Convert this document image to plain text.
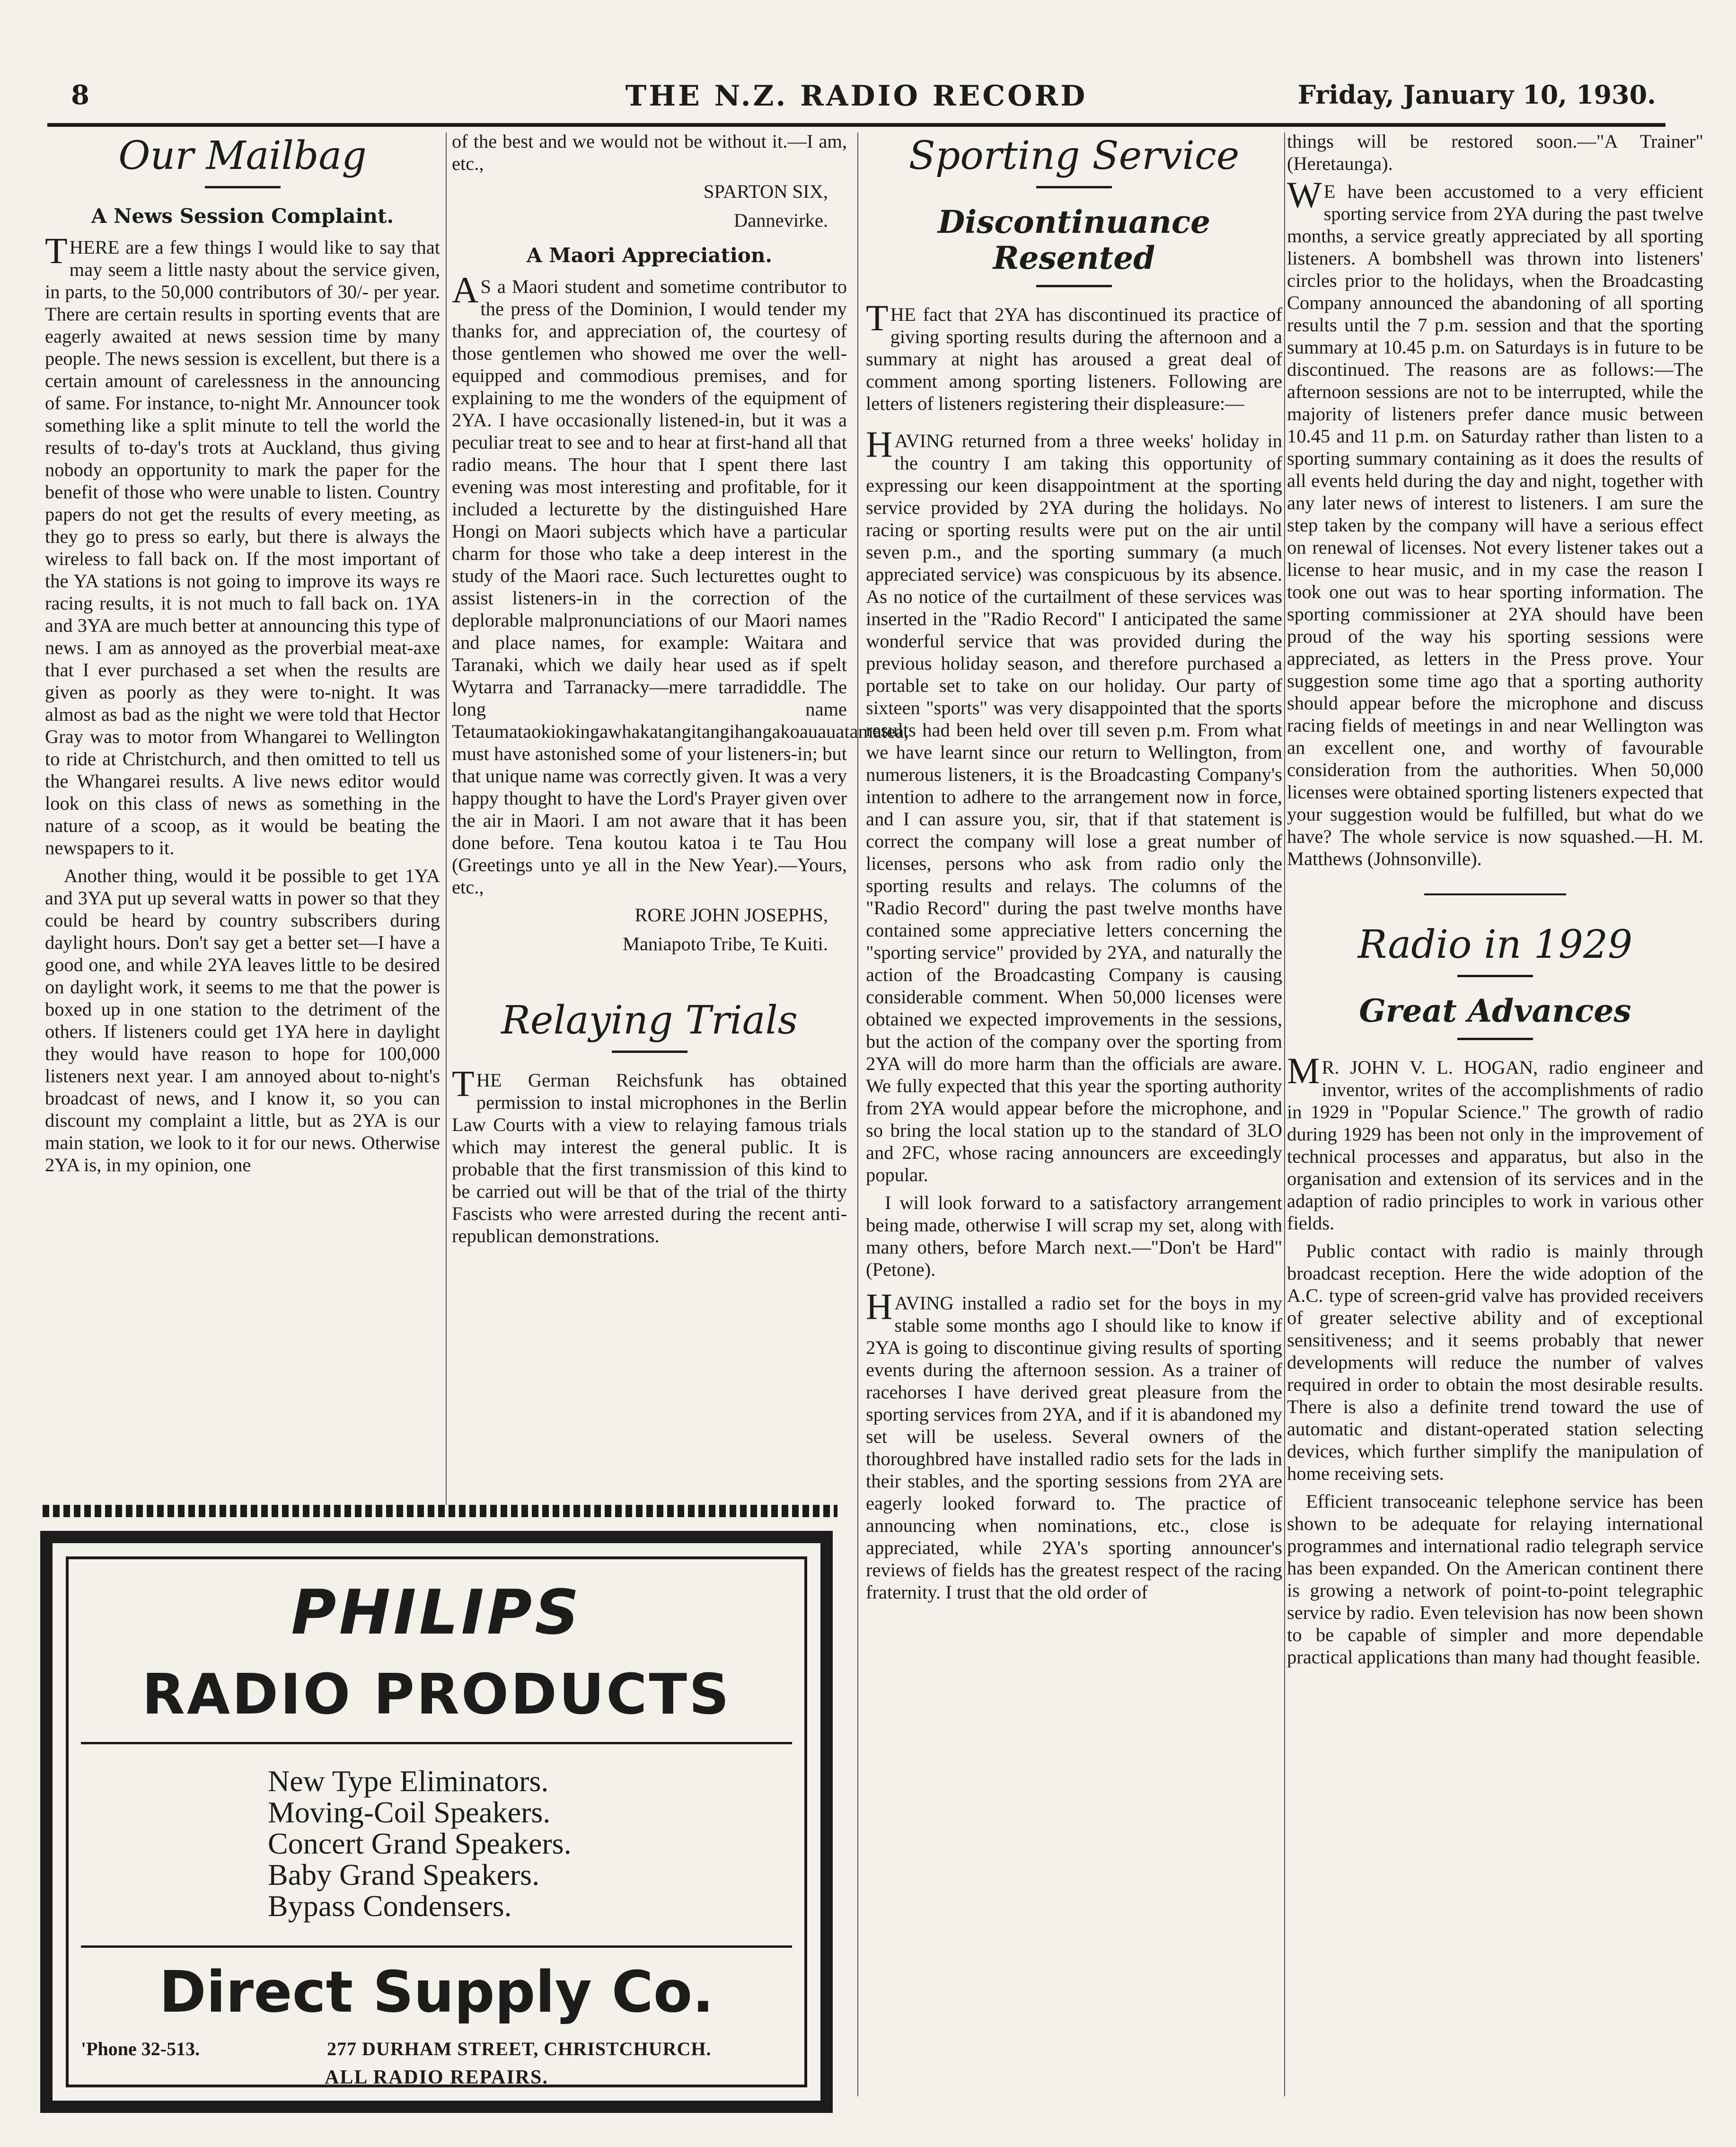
8	THE N.Z. RADIO RECORD	Friday, January 10, 1930.
Our Mailbag
A News Session Complaint.

THERE are a few things I would like to say that may seem a little nasty about the service given, in parts, to the 50,000 contributors of 30/- per year. There are certain results in sporting events that are eagerly awaited at news session time by many people. The news session is excellent, but there is a certain amount of carelessness in the announcing of same. For instance, to-night Mr. Announcer took something like a split minute to tell the world the results of to-day's trots at Auckland, thus giving nobody an opportunity to mark the paper for the benefit of those who were unable to listen. Country papers do not get the results of every meeting, as they go to press so early, but there is always the wireless to fall back on. If the most important of the YA stations is not going to improve its ways re racing results, it is not much to fall back on. 1YA and 3YA are much better at announcing this type of news. I am as annoyed as the proverbial meat-axe that I ever purchased a set when the results are given as poorly as they were to-night. It was almost as bad as the night we were told that Hector Gray was to motor from Whangarei to Wellington to ride at Christchurch, and then omitted to tell us the Whangarei results. A live news editor would look on this class of news as something in the nature of a scoop, as it would be beating the newspapers to it.

Another thing, would it be possible to get 1YA and 3YA put up several watts in power so that they could be heard by country subscribers during daylight hours. Don't say get a better set—I have a good one, and while 2YA leaves little to be desired on daylight work, it seems to me that the power is boxed up in one station to the detriment of the others. If listeners could get 1YA here in daylight they would have reason to hope for 100,000 listeners next year. I am annoyed about to-night's broadcast of news, and I know it, so you can discount my complaint a little, but as 2YA is our main station, we look to it for our news. Otherwise 2YA is, in my opinion, one

of the best and we would not be without it.—I am, etc.,

SPARTON SIX,

Dannevirke.

A Maori Appreciation.

A S a Maori student and sometime contributor to the press of the Dominion, I would tender my thanks for, and appreciation of, the courtesy of those gentlemen who showed me over the well-equipped and commodious premises, and for explaining to me the wonders of the equipment of 2YA. I have occasionally listened-in, but it was a peculiar treat to see and to hear at first-hand all that radio means. The hour that I spent there last evening was most interesting and profitable, for it included a lecturette by the distinguished Hare Hongi on Maori subjects which have a particular charm for those who take a deep interest in the study of the Maori race. Such lecturettes ought to assist listeners-in in the correction of the deplorable malpronunciations of our Maori names and place names, for example: Waitara and Taranaki, which we daily hear used as if spelt Wytarra and Tarranacky—mere tarradiddle. The long name Tetaumataokiokingawhakatangitangihangakoauauatamatea, must have astonished some of your listeners-in; but that unique name was correctly given. It was a very happy thought to have the Lord's Prayer given over the air in Maori. I am not aware that it has been done before. Tena koutou katoa i te Tau Hou (Greetings unto ye all in the New Year).—Yours, etc.,

RORE JOHN JOSEPHS,

Maniapoto Tribe, Te Kuiti.

Relaying Trials

THE German Reichsfunk has obtained permission to instal microphones in the Berlin Law Courts with a view to relaying famous trials which may interest the general public. It is probable that the first transmission of this kind to be carried out will be that of the trial of the thirty Fascists who were arrested during the recent anti-republican demonstrations.

Sporting Service
Discontinuance Resented

THE fact that 2YA has discontinued its practice of giving sporting results during the afternoon and a summary at night has aroused a great deal of comment among sporting listeners. Following are letters of listeners registering their displeasure:—

HAVING returned from a three weeks' holiday in the country I am taking this opportunity of expressing our keen disappointment at the sporting service provided by 2YA during the holidays. No racing or sporting results were put on the air until seven p.m., and the sporting summary (a much appreciated service) was conspicuous by its absence. As no notice of the curtailment of these services was inserted in the "Radio Record" I anticipated the same wonderful service that was provided during the previous holiday season, and therefore purchased a portable set to take on our holiday. Our party of sixteen "sports" was very disappointed that the sports results had been held over till seven p.m. From what we have learnt since our return to Wellington, from numerous listeners, it is the Broadcasting Company's intention to adhere to the arrangement now in force, and I can assure you, sir, that if that statement is correct the company will lose a great number of licenses, persons who ask from radio only the sporting results and relays. The columns of the "Radio Record" during the past twelve months have contained some appreciative letters concerning the "sporting service" provided by 2YA, and naturally the action of the Broadcasting Company is causing considerable comment. When 50,000 licenses were obtained we expected improvements in the sessions, but the action of the company over the sporting from 2YA will do more harm than the officials are aware. We fully expected that this year the sporting authority from 2YA would appear before the microphone, and so bring the local station up to the standard of 3LO and 2FC, whose racing announcers are exceedingly popular.

I will look forward to a satisfactory arrangement being made, otherwise I will scrap my set, along with many others, before March next.—"Don't be Hard" (Petone).

HAVING installed a radio set for the boys in my stable some months ago I should like to know if 2YA is going to discontinue giving results of sporting events during the afternoon session. As a trainer of racehorses I have derived great pleasure from the sporting services from 2YA, and if it is abandoned my set will be useless. Several owners of the thoroughbred have installed radio sets for the lads in their stables, and the sporting sessions from 2YA are eagerly looked forward to. The practice of announcing when nominations, etc., close is appreciated, while 2YA's sporting announcer's reviews of fields has the greatest respect of the racing fraternity. I trust that the old order of

things will be restored soon.—"A Trainer" (Heretaunga).

W E have been accustomed to a very efficient sporting service from 2YA during the past twelve months, a service greatly appreciated by all sporting listeners. A bombshell was thrown into listeners' circles prior to the holidays, when the Broadcasting Company announced the abandoning of all sporting results until the 7 p.m. session and that the sporting summary at 10.45 p.m. on Saturdays is in future to be discontinued. The reasons are as follows:—The afternoon sessions are not to be interrupted, while the majority of listeners prefer dance music between 10.45 and 11 p.m. on Saturday rather than listen to a sporting summary containing as it does the results of all events held during the day and night, together with any later news of interest to listeners. I am sure the step taken by the company will have a serious effect on renewal of licenses. Not every listener takes out a license to hear music, and in my case the reason I took one out was to hear sporting information. The sporting commissioner at 2YA should have been proud of the way his sporting sessions were appreciated, as letters in the Press prove. Your suggestion some time ago that a sporting authority should appear before the microphone and discuss racing fields of meetings in and near Wellington was an excellent one, and worthy of favourable consideration from the authorities. When 50,000 licenses were obtained sporting listeners expected that your suggestion would be fulfilled, but what do we have? The whole service is now squashed.—H. M. Matthews (Johnsonville).

Radio in 1929
Great Advances

M R. JOHN V. L. HOGAN, radio engineer and inventor, writes of the accomplishments of radio in 1929 in "Popular Science." The growth of radio during 1929 has been not only in the improvement of technical processes and apparatus, but also in the organisation and extension of its services and in the adaption of radio principles to work in various other fields.

Public contact with radio is mainly through broadcast reception. Here the wide adoption of the A.C. type of screen-grid valve has provided receivers of greater selective ability and of exceptional sensitiveness; and it seems probably that newer developments will reduce the number of valves required in order to obtain the most desirable results. There is also a definite trend toward the use of automatic and distant-operated station selecting devices, which further simplify the manipulation of home receiving sets.

Efficient transoceanic telephone service has been shown to be adequate for relaying international programmes and international radio telegraph service has been expanded. On the American continent there is growing a network of point-to-point telegraphic service by radio. Even television has now been shown to be capable of simpler and more dependable practical applications than many had thought feasible.

PHILIPS
RADIO PRODUCTS
New Type Eliminators.
Moving-Coil Speakers.
Concert Grand Speakers.
Baby Grand Speakers.
Bypass Condensers.
Direct Supply Co.
'Phone 32-513.	277 DURHAM STREET, CHRISTCHURCH.
ALL RADIO REPAIRS.
